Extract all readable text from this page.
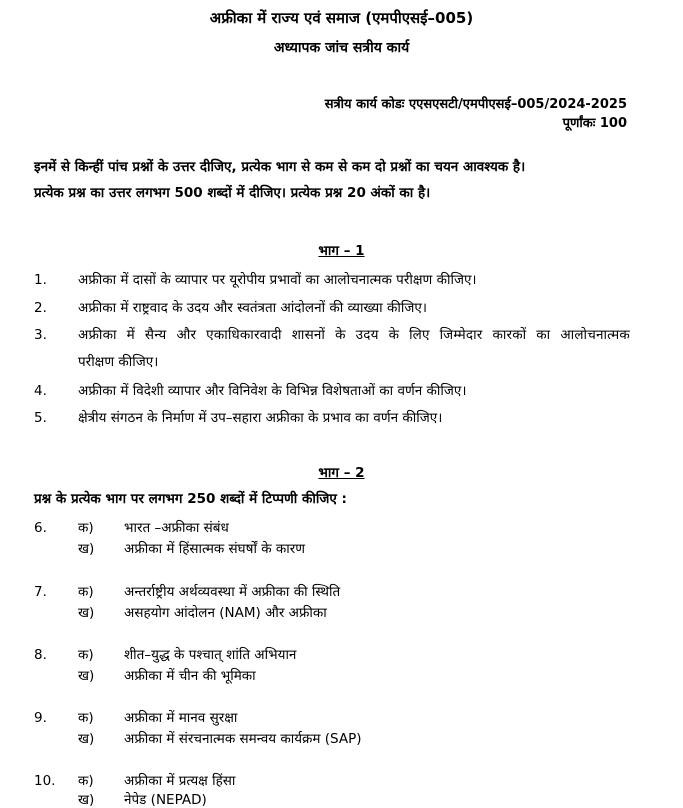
अफ्रीका में राज्य एवं समाज (एमपीएसई–005)
अध्यापक जांच सत्रीय कार्य
सत्रीय कार्य कोडः एएसएसटी/एमपीएसई–005/2024-2025
पूर्णांकः 100
इनमें से किन्हीं पांच प्रश्नों के उत्तर दीजिए, प्रत्येक भाग से कम से कम दो प्रश्नों का चयन आवश्यक है।
प्रत्येक प्रश्न का उत्तर लगभग 500 शब्दों में दीजिए। प्रत्येक प्रश्न 20 अंकों का है।
भाग – 1
1. अफ्रीका में दासों के व्यापार पर यूरोपीय प्रभावों का आलोचनात्मक परीक्षण कीजिए।
2. अफ्रीका में राष्ट्रवाद के उदय और स्वतंत्रता आंदोलनों की व्याख्या कीजिए।
3. अफ्रीका में सैन्य और एकाधिकारवादी शासनों के उदय के लिए जिम्मेदार कारकों का आलोचनात्मक
परीक्षण कीजिए।
4. अफ्रीका में विदेशी व्यापार और विनिवेश के विभिन्न विशेषताओं का वर्णन कीजिए।
5. क्षेत्रीय संगठन के निर्माण में उप–सहारा अफ्रीका के प्रभाव का वर्णन कीजिए।
भाग – 2
प्रश्न के प्रत्येक भाग पर लगभग 250 शब्दों में टिप्पणी कीजिए :
6. क) भारत –अफ्रीका संबंध
ख) अफ्रीका में हिंसात्मक संघर्षों के कारण
7. क) अन्तर्राष्ट्रीय अर्थव्यवस्था में अफ्रीका की स्थिति
ख) असहयोग आंदोलन (NAM) और अफ्रीका
8. क) शीत–युद्ध के पश्चात् शांति अभियान
ख) अफ्रीका में चीन की भूमिका
9. क) अफ्रीका में मानव सुरक्षा
ख) अफ्रीका में संरचनात्मक समन्वय कार्यक्रम (SAP)
10. क) अफ्रीका में प्रत्यक्ष हिंसा
ख) नेपेड (NEPAD)
